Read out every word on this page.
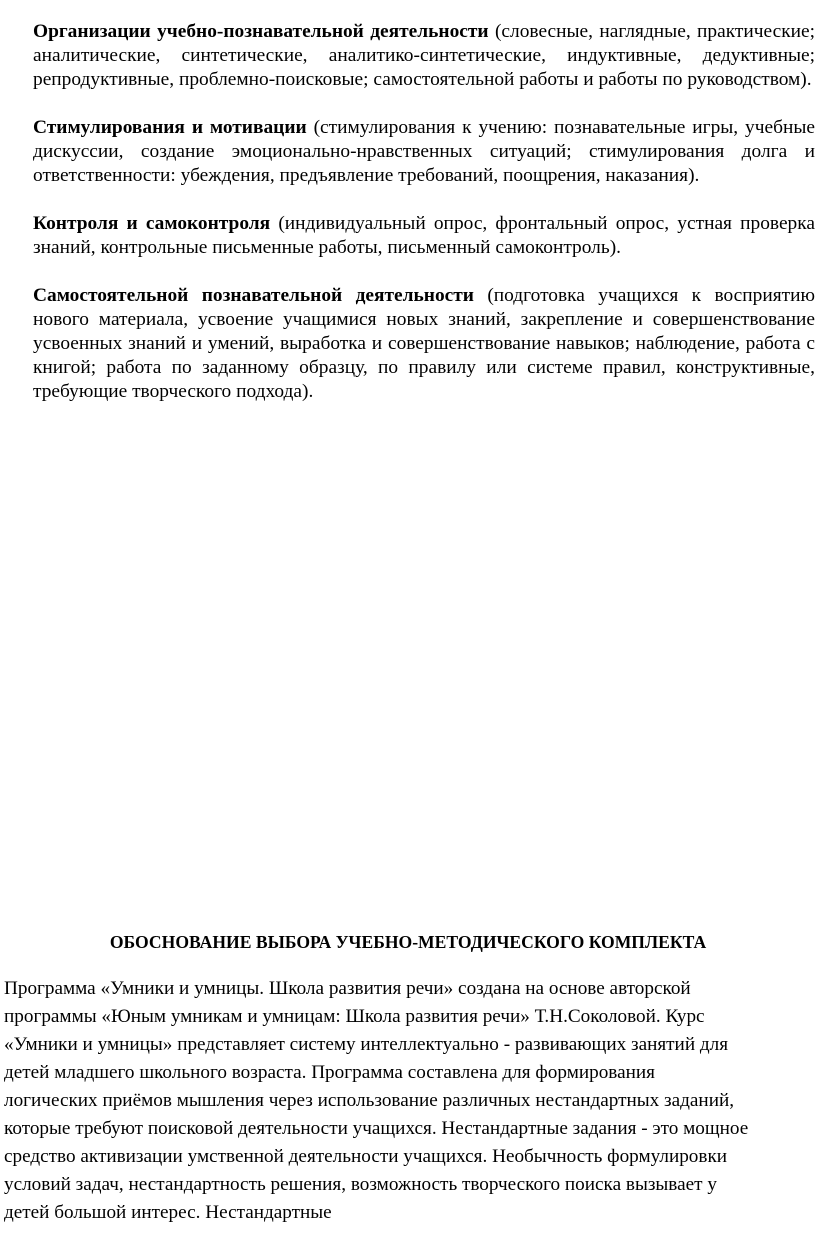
Организации учебно-познавательной деятельности (словесные, наглядные, практические; аналитические, синтетические, аналитико-синтетические, индуктивные, дедуктивные; репродуктивные, проблемно-поисковые; самостоятельной работы и работы по руководством).

Стимулирования и мотивации (стимулирования к учению: познавательные игры, учебные дискуссии, создание эмоционально-нравственных ситуаций; стимулирования долга и ответственности: убеждения, предъявление требований, поощрения, наказания).

Контроля и самоконтроля (индивидуальный опрос, фронтальный опрос, устная проверка знаний, контрольные письменные работы, письменный самоконтроль).

Самостоятельной познавательной деятельности (подготовка учащихся к восприятию нового материала, усвоение учащимися новых знаний, закрепление и совершенствование усвоенных знаний и умений, выработка и совершенствование навыков; наблюдение, работа с книгой; работа по заданному образцу, по правилу или системе правил, конструктивные, требующие творческого подхода).

ОБОСНОВАНИЕ ВЫБОРА УЧЕБНО-МЕТОДИЧЕСКОГО КОМПЛЕКТА

Программа «Умники и умницы. Школа развития речи» создана на основе авторской
программы «Юным умникам и умницам: Школа развития речи» Т.Н.Соколовой. Курс
«Умники и умницы» представляет систему интеллектуально - развивающих занятий для
детей младшего школьного возраста. Программа составлена для формирования
логических приёмов мышления через использование различных нестандартных заданий,
которые требуют поисковой деятельности учащихся. Нестандартные задания - это мощное
средство активизации умственной деятельности учащихся. Необычность формулировки
условий задач, нестандартность решения, возможность творческого поиска вызывает у
детей большой интерес. Нестандартные
